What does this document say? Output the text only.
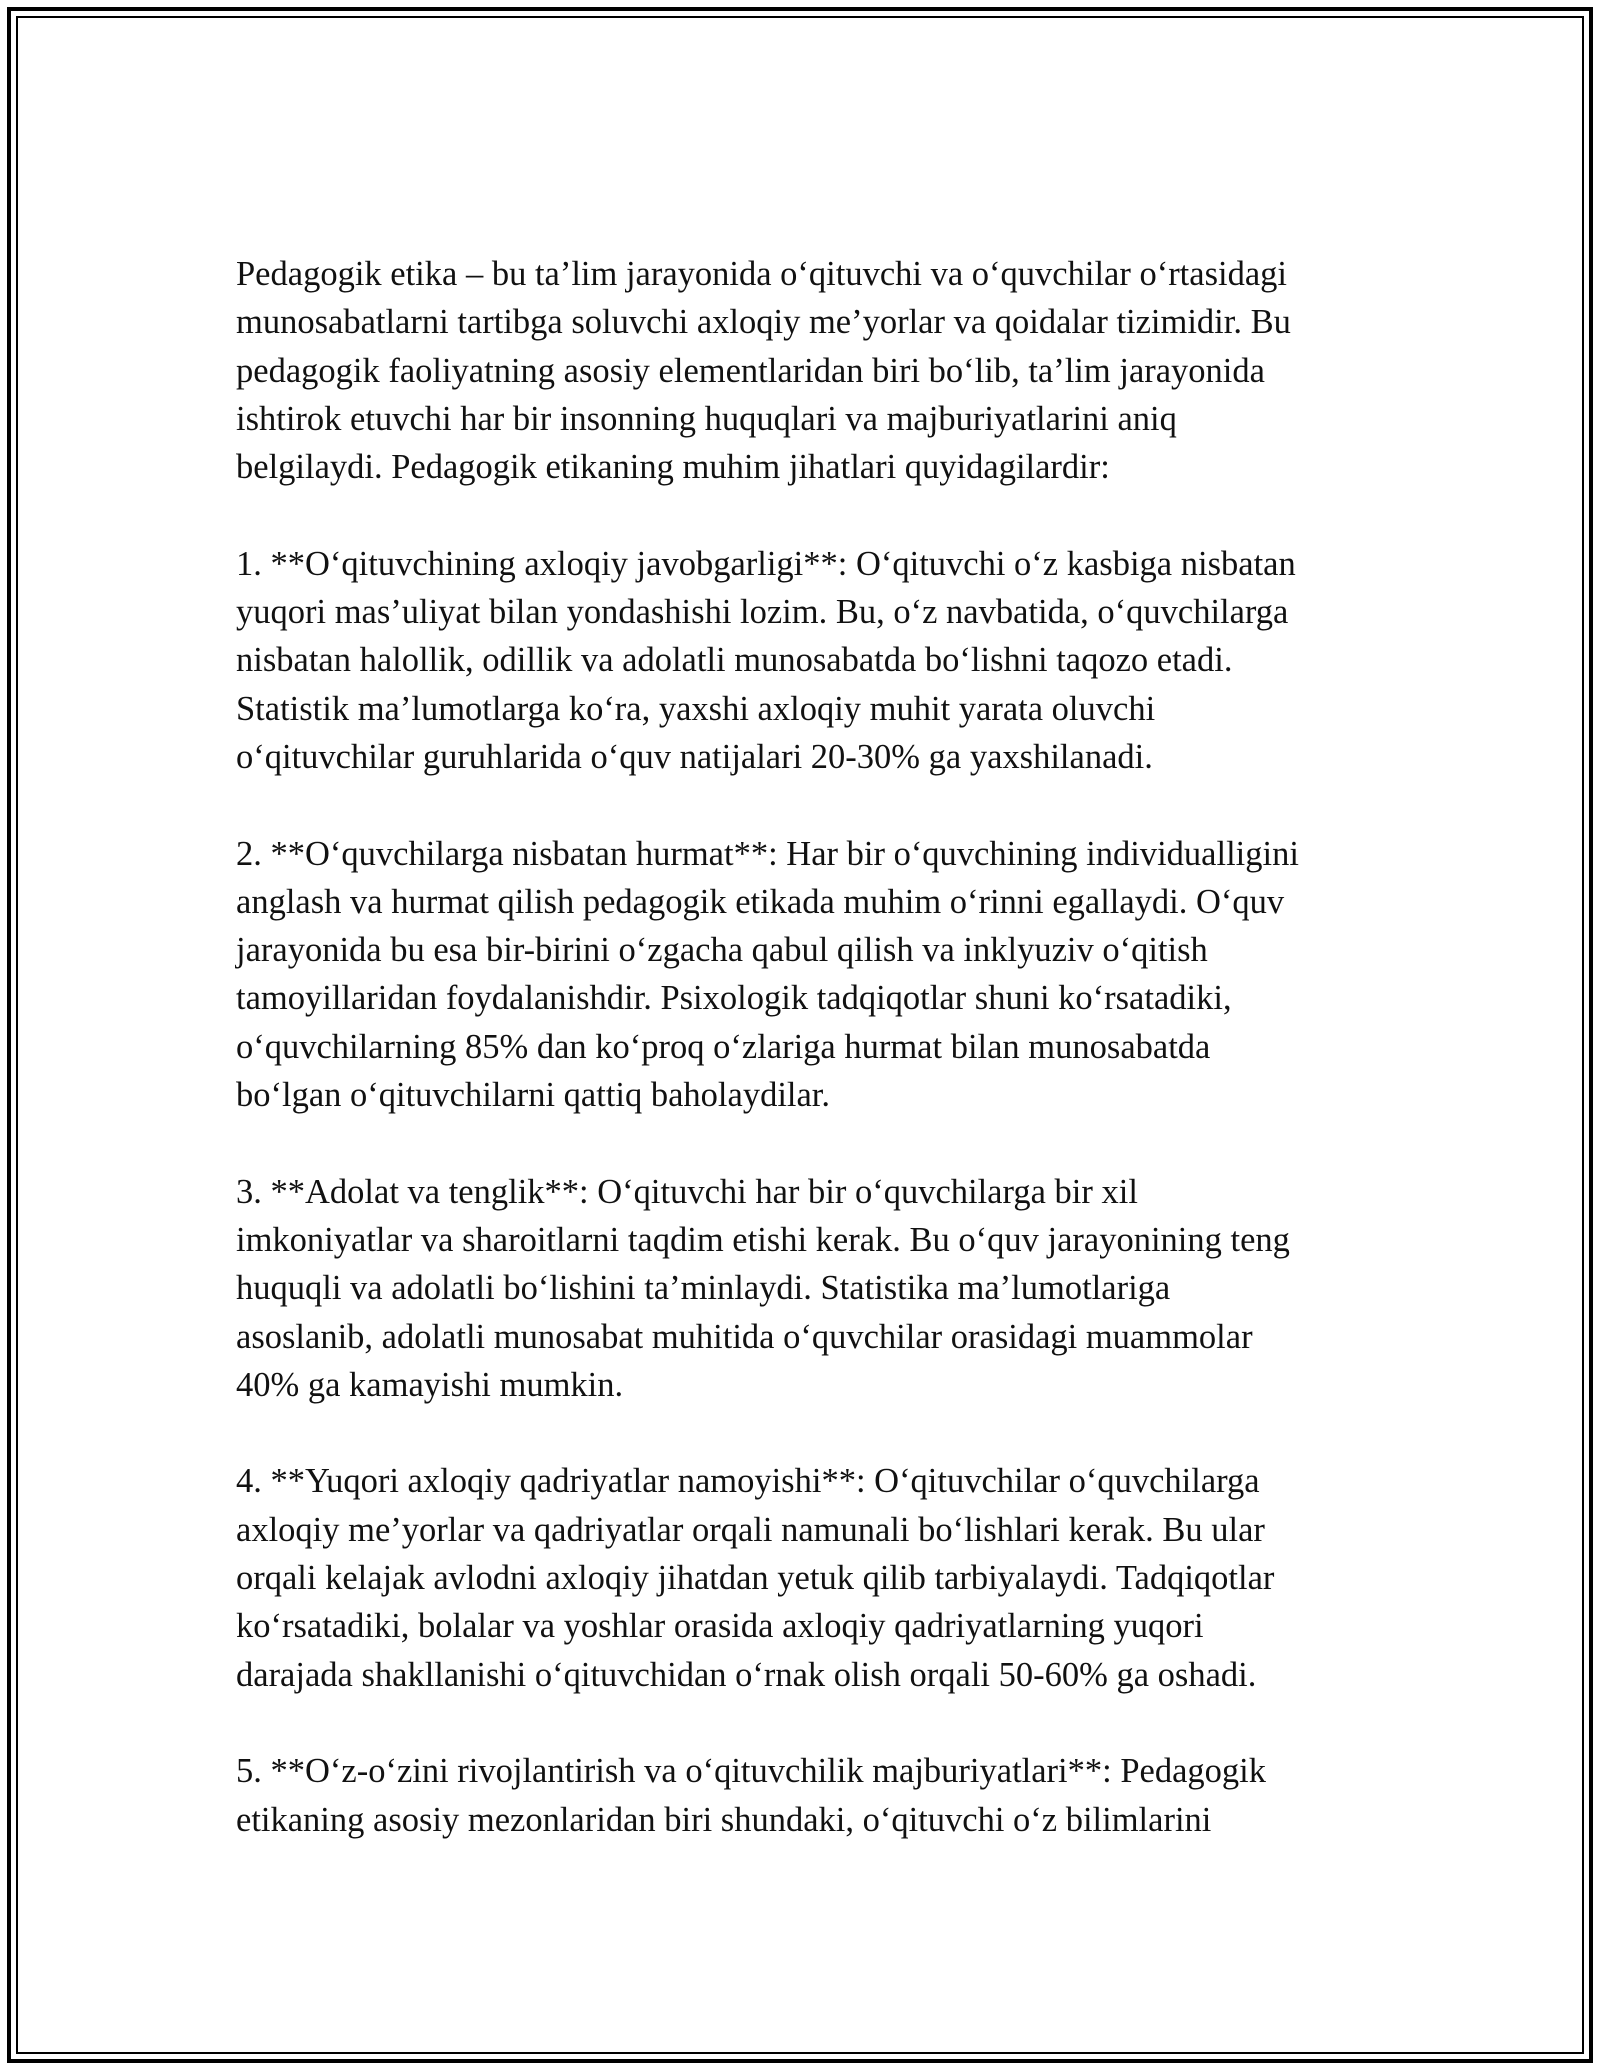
Pedagogik etika – bu ta’lim jarayonida o‘qituvchi va o‘quvchilar o‘rtasidagi
munosabatlarni tartibga soluvchi axloqiy me’yorlar va qoidalar tizimidir. Bu
pedagogik faoliyatning asosiy elementlaridan biri bo‘lib, ta’lim jarayonida
ishtirok etuvchi har bir insonning huquqlari va majburiyatlarini aniq
belgilaydi. Pedagogik etikaning muhim jihatlari quyidagilardir:

1. **O‘qituvchining axloqiy javobgarligi**: O‘qituvchi o‘z kasbiga nisbatan
yuqori mas’uliyat bilan yondashishi lozim. Bu, o‘z navbatida, o‘quvchilarga
nisbatan halollik, odillik va adolatli munosabatda bo‘lishni taqozo etadi.
Statistik ma’lumotlarga ko‘ra, yaxshi axloqiy muhit yarata oluvchi
o‘qituvchilar guruhlarida o‘quv natijalari 20-30% ga yaxshilanadi.

2. **O‘quvchilarga nisbatan hurmat**: Har bir o‘quvchining individualligini
anglash va hurmat qilish pedagogik etikada muhim o‘rinni egallaydi. O‘quv
jarayonida bu esa bir-birini o‘zgacha qabul qilish va inklyuziv o‘qitish
tamoyillaridan foydalanishdir. Psixologik tadqiqotlar shuni ko‘rsatadiki,
o‘quvchilarning 85% dan ko‘proq o‘zlariga hurmat bilan munosabatda
bo‘lgan o‘qituvchilarni qattiq baholaydilar.

3. **Adolat va tenglik**: O‘qituvchi har bir o‘quvchilarga bir xil
imkoniyatlar va sharoitlarni taqdim etishi kerak. Bu o‘quv jarayonining teng
huquqli va adolatli bo‘lishini ta’minlaydi. Statistika ma’lumotlariga
asoslanib, adolatli munosabat muhitida o‘quvchilar orasidagi muammolar
40% ga kamayishi mumkin.

4. **Yuqori axloqiy qadriyatlar namoyishi**: O‘qituvchilar o‘quvchilarga
axloqiy me’yorlar va qadriyatlar orqali namunali bo‘lishlari kerak. Bu ular
orqali kelajak avlodni axloqiy jihatdan yetuk qilib tarbiyalaydi. Tadqiqotlar
ko‘rsatadiki, bolalar va yoshlar orasida axloqiy qadriyatlarning yuqori
darajada shakllanishi o‘qituvchidan o‘rnak olish orqali 50-60% ga oshadi.

5. **O‘z-o‘zini rivojlantirish va o‘qituvchilik majburiyatlari**: Pedagogik
etikaning asosiy mezonlaridan biri shundaki, o‘qituvchi o‘z bilimlarini
